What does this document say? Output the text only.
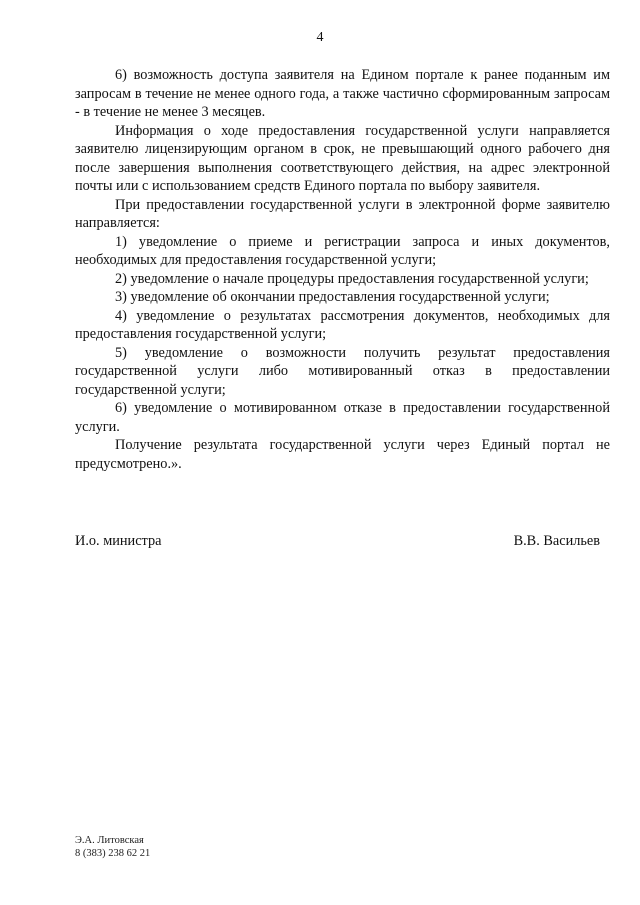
4

6) возможность доступа заявителя на Едином портале к ранее поданным им запросам в течение не менее одного года, а также частично сформированным запросам - в течение не менее 3 месяцев.

Информация о ходе предоставления государственной услуги направляется заявителю лицензирующим органом в срок, не превышающий одного рабочего дня после завершения выполнения соответствующего действия, на адрес электронной почты или с использованием средств Единого портала по выбору заявителя.

При предоставлении государственной услуги в электронной форме заявителю направляется:

1) уведомление о приеме и регистрации запроса и иных документов, необходимых для предоставления государственной услуги;

2) уведомление о начале процедуры предоставления государственной услуги;

3) уведомление об окончании предоставления государственной услуги;

4) уведомление о результатах рассмотрения документов, необходимых для предоставления государственной услуги;

5) уведомление о возможности получить результат предоставления государственной услуги либо мотивированный отказ в предоставлении государственной услуги;

6) уведомление о мотивированном отказе в предоставлении государственной услуги.

Получение результата государственной услуги через Единый портал не предусмотрено.».

И.о. министра	В.В. Васильев
Э.А. Литовская
8 (383) 238 62 21
